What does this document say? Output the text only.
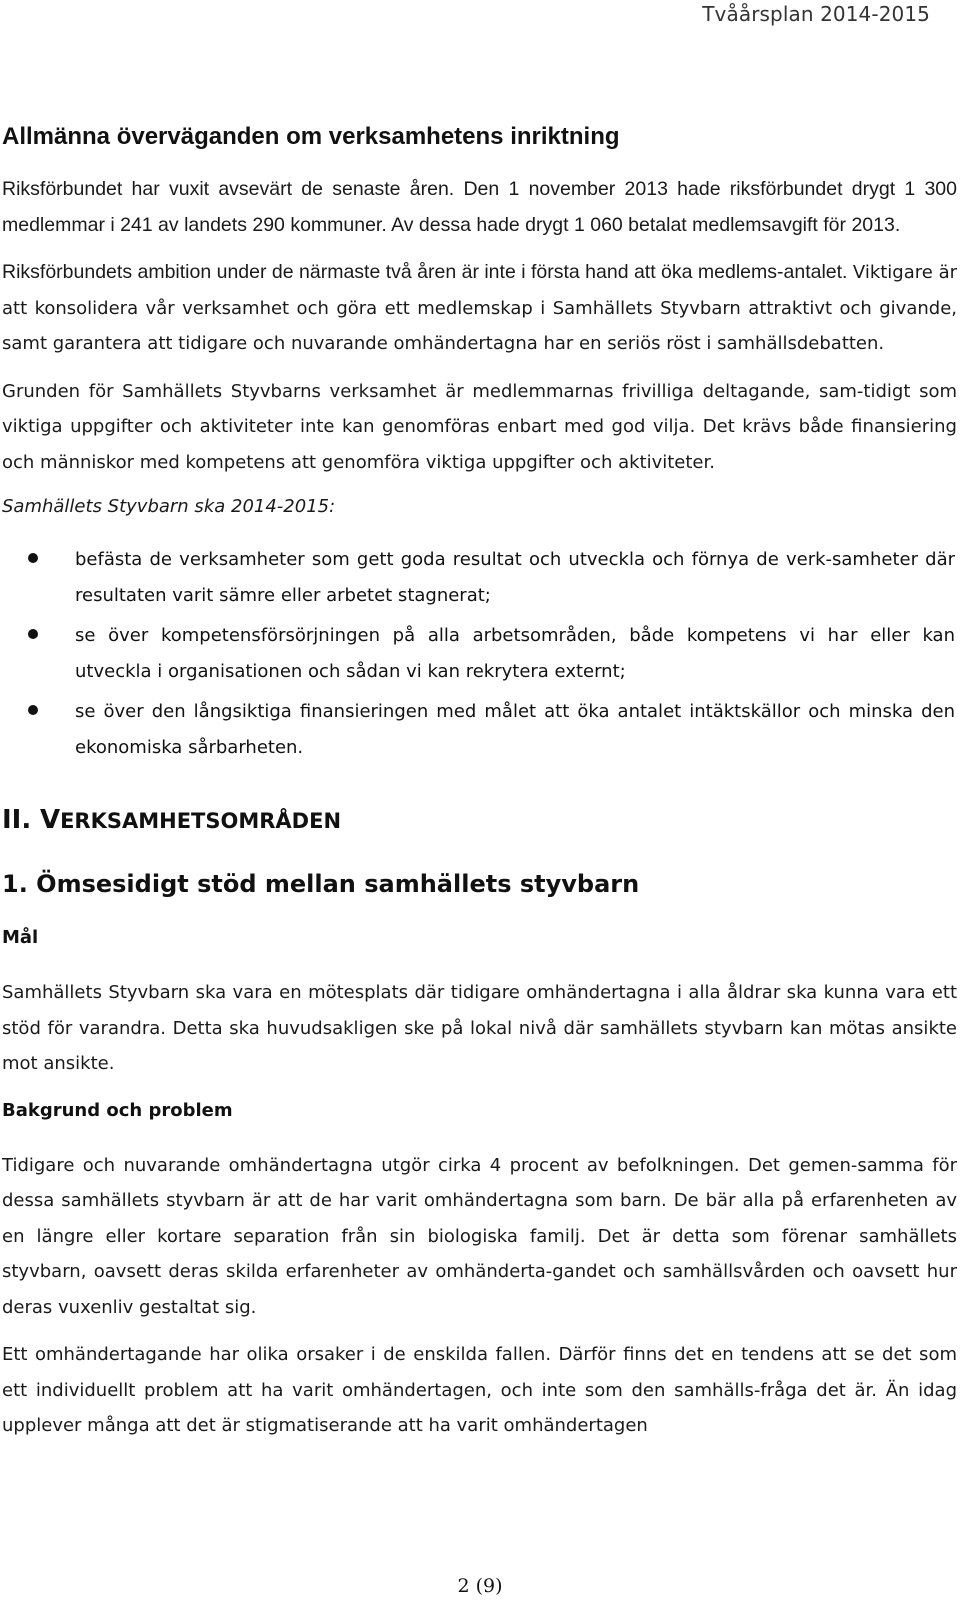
Tvåårsplan 2014-2015
Allmänna överväganden om verksamhetens inriktning

Riksförbundet har vuxit avsevärt de senaste åren. Den 1 november 2013 hade riksförbundet drygt 1 300 medlemmar i 241 av landets 290 kommuner. Av dessa hade drygt 1 060 betalat medlemsavgift för 2013.

Riksförbundets ambition under de närmaste två åren är inte i första hand att öka medlems-antalet. Viktigare är att konsolidera vår verksamhet och göra ett medlemskap i Samhällets Styvbarn attraktivt och givande, samt garantera att tidigare och nuvarande omhändertagna har en seriös röst i samhällsdebatten.

Grunden för Samhällets Styvbarns verksamhet är medlemmarnas frivilliga deltagande, sam-tidigt som viktiga uppgifter och aktiviteter inte kan genomföras enbart med god vilja. Det krävs både finansiering och människor med kompetens att genomföra viktiga uppgifter och aktiviteter.

Samhällets Styvbarn ska 2014-2015:

befästa de verksamheter som gett goda resultat och utveckla och förnya de verk-samheter där resultaten varit sämre eller arbetet stagnerat;
se över kompetensförsörjningen på alla arbetsområden, både kompetens vi har eller kan utveckla i organisationen och sådan vi kan rekrytera externt;
se över den långsiktiga finansieringen med målet att öka antalet intäktskällor och minska den ekonomiska sårbarheten.
II. VERKSAMHETSOMRÅDEN
1. Ömsesidigt stöd mellan samhällets styvbarn
Mål

Samhällets Styvbarn ska vara en mötesplats där tidigare omhändertagna i alla åldrar ska kunna vara ett stöd för varandra. Detta ska huvudsakligen ske på lokal nivå där samhällets styvbarn kan mötas ansikte mot ansikte.

Bakgrund och problem

Tidigare och nuvarande omhändertagna utgör cirka 4 procent av befolkningen. Det gemen-samma för dessa samhällets styvbarn är att de har varit omhändertagna som barn. De bär alla på erfarenheten av en längre eller kortare separation från sin biologiska familj. Det är detta som förenar samhällets styvbarn, oavsett deras skilda erfarenheter av omhänderta-gandet och samhällsvården och oavsett hur deras vuxenliv gestaltat sig.

Ett omhändertagande har olika orsaker i de enskilda fallen. Därför finns det en tendens att se det som ett individuellt problem att ha varit omhändertagen, och inte som den samhälls-fråga det är. Än idag upplever många att det är stigmatiserande att ha varit omhändertagen

2 (9)
